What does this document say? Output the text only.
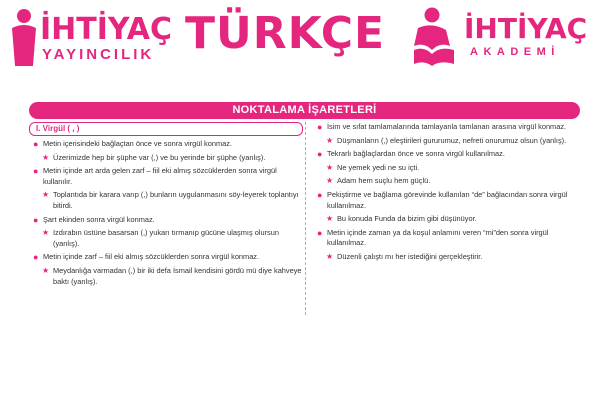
İHTİYAÇ
YAYINCILIK TÜRKÇE	İHTİYAÇ
AKADEMİ
NOKTALAMA İŞARETLERİ
I. Virgül ( , )
● Metin içerisindeki bağlaçtan önce ve sonra virgül konmaz.
★ Üzerimizde hep bir şüphe var (,) ve bu yerinde bir şüphe (yanlış).
● Metin içinde art arda gelen zarf – fiil eki almış sözcüklerden sonra virgül kullanılır.
★ Toplantıda bir karara varıp (,) bunların uygulanmasını söy-leyerek toplantıyı bitirdi.
● Şart ekinden sonra virgül konmaz.
★ Izdırabın üstüne basarsan (,) yukarı tırmanıp gücüne ulaşmış olursun (yanlış).
● Metin içinde zarf – fiil eki almış sözcüklerden sonra virgül konmaz.
★ Meydanlığa varmadan (,) bir iki defa İsmail kendisini gördü mü diye kahveye baktı (yanlış).
● İsim ve sıfat tamlamalarında tamlayanla tamlanan arasına virgül konmaz.
★ Düşmanların (,) eleştirileri gururumuz, nefreti onurumuz olsun (yanlış).
● Tekrarlı bağlaçlardan önce ve sonra virgül kullanılmaz.
★ Ne yemek yedi ne su içti.
★ Adam hem suçlu hem güçlü.
● Pekiştirme ve bağlama görevinde kullanılan “de” bağlacından sonra virgül kullanılmaz.
★ Bu konuda Funda da bizim gibi düşünüyor.
● Metin içinde zaman ya da koşul anlamını veren “mi”den sonra virgül kullanılmaz.
★ Düzenli çalıştı mı her istediğini gerçekleştirir.
